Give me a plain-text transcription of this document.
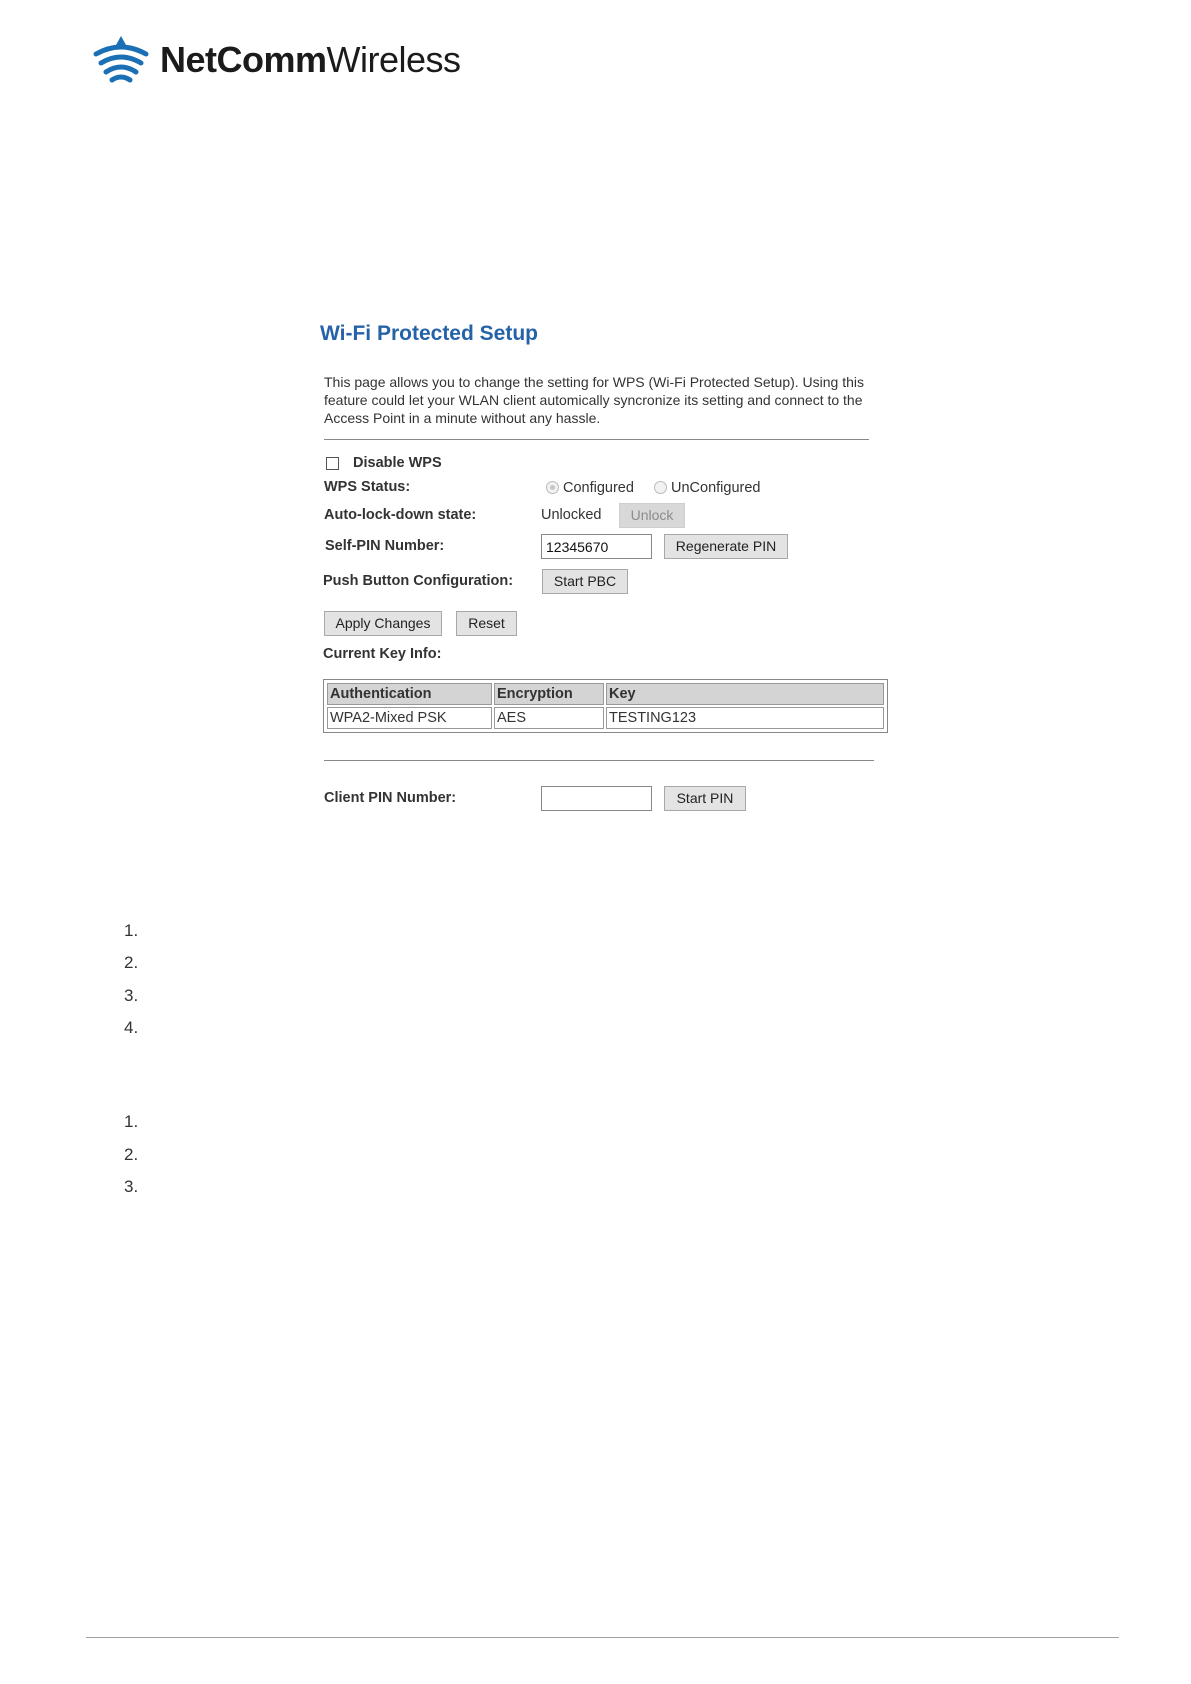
NetCommWireless
Wi-Fi Protected Setup
This page allows you to change the setting for WPS (Wi-Fi Protected Setup). Using this feature could let your WLAN client automically syncronize its setting and connect to the Access Point in a minute without any hassle.
Disable WPS
WPS Status:	Configured	UnConfigured
Auto-lock-down state:	Unlocked	Unlock
Self-PIN Number:
12345670	Regenerate PIN
Push Button Configuration:	Start PBC
Apply Changes	Reset
Current Key Info:
Authentication	Encryption	Key
WPA2-Mixed PSK	AES	TESTING123
Client PIN Number:	Start PIN
1.
2.
3.
4.
1.
2.
3.
